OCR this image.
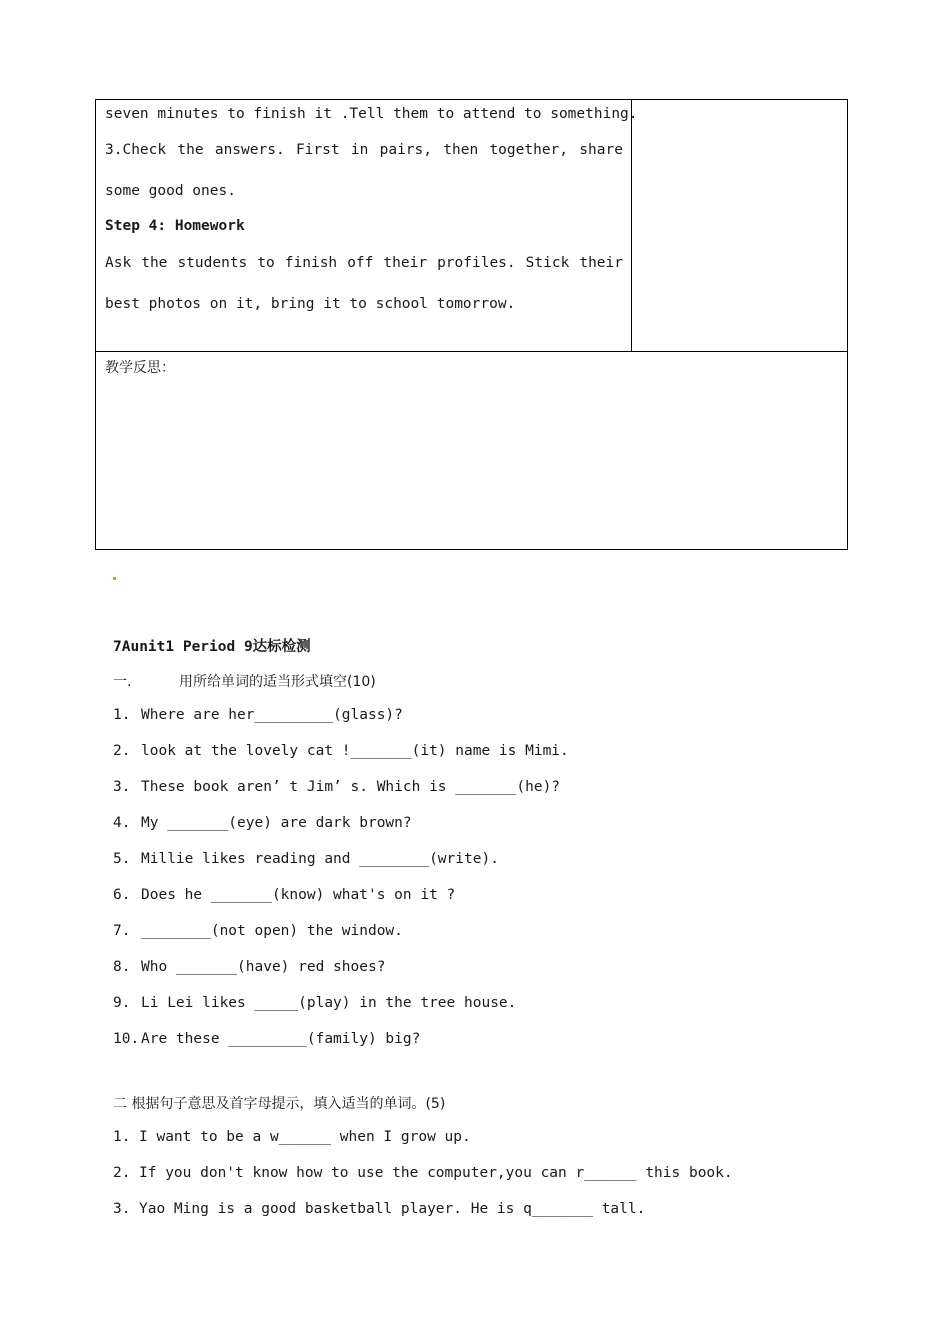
seven minutes to finish it .Tell them to attend to something.
3.Check the answers. First in pairs, then together, share
some good ones.
Step 4: Homework
Ask the students to finish off their profiles. Stick their
best photos on it, bring it to school tomorrow.
教学反思：
7Aunit1 Period 9达标检测
一.	用所给单词的适当形式填空(10)
1. Where are her_________(glass)?
2. look at the lovely cat !_______(it) name is Mimi.
3. These book aren’ t Jim’ s. Which is _______(he)?
4. My _______(eye) are dark brown?
5. Millie likes reading and ________(write).
6. Does he _______(know) what's on it ?
7. ________(not open) the window.
8. Who _______(have) red shoes?
9. Li Lei likes _____(play) in the tree house.
10. Are these _________(family) big?
二 根据句子意思及首字母提示，填入适当的单词。(5)
1. I want to be a w______ when I grow up.
2. If you don't know how to use the computer,you can r______ this book.
3. Yao Ming is a good basketball player. He is q_______ tall.
